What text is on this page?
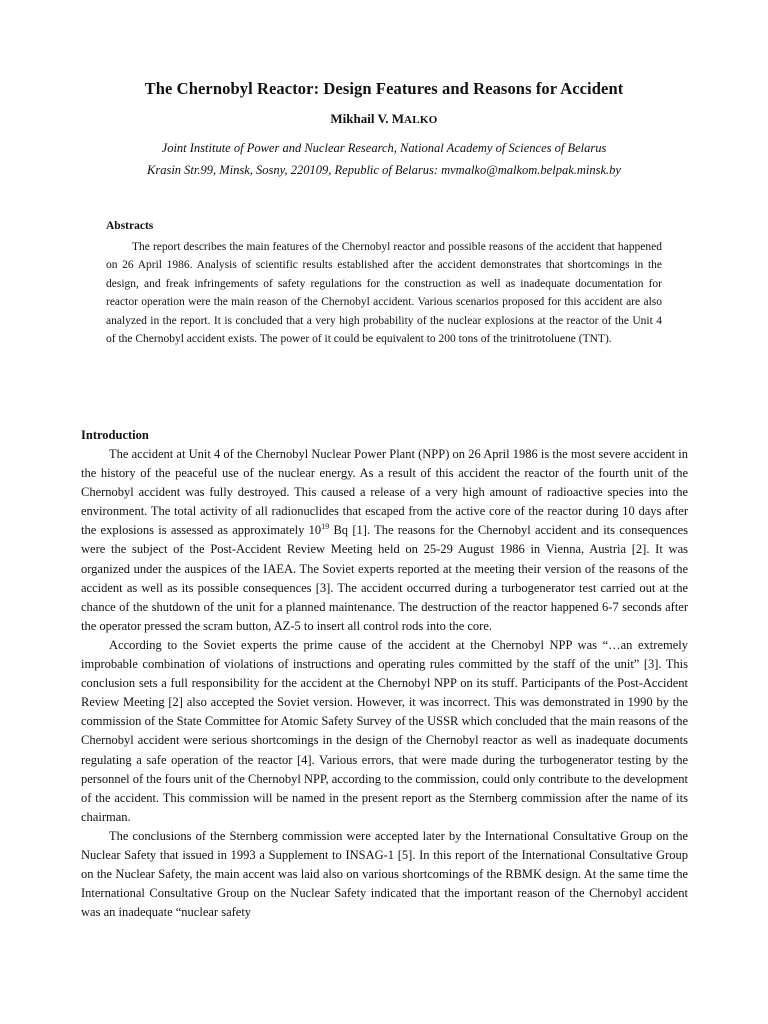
The Chernobyl Reactor: Design Features and Reasons for Accident
Mikhail V. MALKO
Joint Institute of Power and Nuclear Research, National Academy of Sciences of Belarus
Krasin Str.99, Minsk, Sosny, 220109, Republic of Belarus: mvmalko@malkom.belpak.minsk.by
Abstracts

The report describes the main features of the Chernobyl reactor and possible reasons of the accident that happened on 26 April 1986. Analysis of scientific results established after the accident demonstrates that shortcomings in the design, and freak infringements of safety regulations for the construction as well as inadequate documentation for reactor operation were the main reason of the Chernobyl accident. Various scenarios proposed for this accident are also analyzed in the report. It is concluded that a very high probability of the nuclear explosions at the reactor of the Unit 4 of the Chernobyl accident exists. The power of it could be equivalent to 200 tons of the trinitrotoluene (TNT).

Introduction

The accident at Unit 4 of the Chernobyl Nuclear Power Plant (NPP) on 26 April 1986 is the most severe accident in the history of the peaceful use of the nuclear energy. As a result of this accident the reactor of the fourth unit of the Chernobyl accident was fully destroyed. This caused a release of a very high amount of radioactive species into the environment. The total activity of all radionuclides that escaped from the active core of the reactor during 10 days after the explosions is assessed as approximately $10^{19}$ Bq [1]. The reasons for the Chernobyl accident and its consequences were the subject of the Post-Accident Review Meeting held on 25-29 August 1986 in Vienna, Austria [2]. It was organized under the auspices of the IAEA. The Soviet experts reported at the meeting their version of the reasons of the accident as well as its possible consequences [3]. The accident occurred during a turbogenerator test carried out at the chance of the shutdown of the unit for a planned maintenance. The destruction of the reactor happened 6-7 seconds after the operator pressed the scram button, AZ-5 to insert all control rods into the core.

According to the Soviet experts the prime cause of the accident at the Chernobyl NPP was “…an extremely improbable combination of violations of instructions and operating rules committed by the staff of the unit” [3]. This conclusion sets a full responsibility for the accident at the Chernobyl NPP on its stuff. Participants of the Post-Accident Review Meeting [2] also accepted the Soviet version. However, it was incorrect. This was demonstrated in 1990 by the commission of the State Committee for Atomic Safety Survey of the USSR which concluded that the main reasons of the Chernobyl accident were serious shortcomings in the design of the Chernobyl reactor as well as inadequate documents regulating a safe operation of the reactor [4]. Various errors, that were made during the turbogenerator testing by the personnel of the fours unit of the Chernobyl NPP, according to the commission, could only contribute to the development of the accident. This commission will be named in the present report as the Sternberg commission after the name of its chairman.

The conclusions of the Sternberg commission were accepted later by the International Consultative Group on the Nuclear Safety that issued in 1993 a Supplement to INSAG-1 [5]. In this report of the International Consultative Group on the Nuclear Safety, the main accent was laid also on various shortcomings of the RBMK design. At the same time the International Consultative Group on the Nuclear Safety indicated that the important reason of the Chernobyl accident was an inadequate “nuclear safety
